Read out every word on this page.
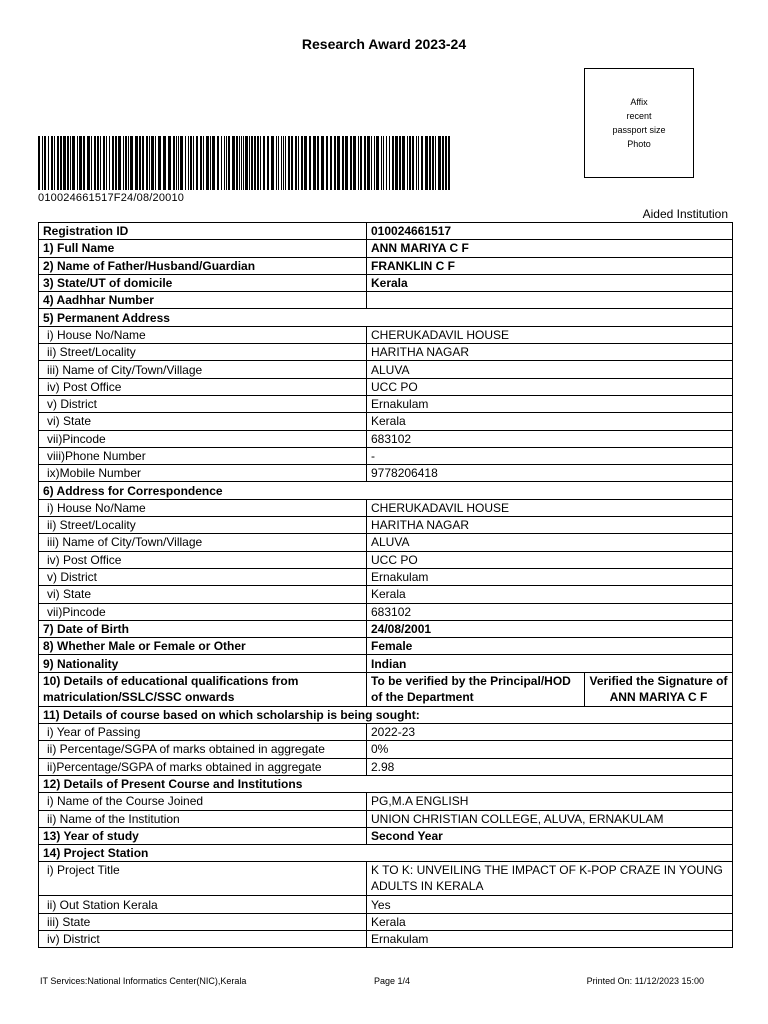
Research Award 2023-24
Affix
recent
passport size
Photo
010024661517F24/08/20010
Aided Institution
Registration ID	010024661517	
1) Full Name	ANN MARIYA C F	
2) Name of Father/Husband/Guardian	FRANKLIN C F	
3) State/UT of domicile	Kerala	
4) Aadhhar Number		
5) Permanent Address		
i) House No/Name	CHERUKADAVIL HOUSE	
ii) Street/Locality	HARITHA NAGAR	
iii) Name of City/Town/Village	ALUVA	
iv) Post Office	UCC PO	
v) District	Ernakulam	
vi) State	Kerala	
vii)Pincode	683102	
viii)Phone Number	-	
ix)Mobile Number	9778206418	
6) Address for Correspondence		
i) House No/Name	CHERUKADAVIL HOUSE	
ii) Street/Locality	HARITHA NAGAR	
iii) Name of City/Town/Village	ALUVA	
iv) Post Office	UCC PO	
v) District	Ernakulam	
vi) State	Kerala	
vii)Pincode	683102	
7) Date of Birth	24/08/2001	
8) Whether Male or Female or Other	Female	
9) Nationality	Indian	
10) Details of educational qualifications from matriculation/SSLC/SSC onwards	To be verified by the Principal/HOD of the Department	Verified the Signature of ANN MARIYA C F
11) Details of course based on which scholarship is being sought:		
i) Year of Passing	2022-23	
ii) Percentage/SGPA of marks obtained in aggregate	0%	
ii)Percentage/SGPA of marks obtained in aggregate	2.98	
12) Details of Present Course and Institutions		
i) Name of the Course Joined	PG,M.A ENGLISH	
ii) Name of the Institution	UNION CHRISTIAN COLLEGE, ALUVA, ERNAKULAM	
13) Year of study	Second Year	
14) Project Station		
i) Project Title	K TO K: UNVEILING THE IMPACT OF K-POP CRAZE IN YOUNG ADULTS IN KERALA	
ii) Out Station Kerala	Yes	
iii) State	Kerala	
iv) District	Ernakulam	
IT Services:National Informatics Center(NIC),Kerala	Page 1/4	Printed On: 11/12/2023 15:00
